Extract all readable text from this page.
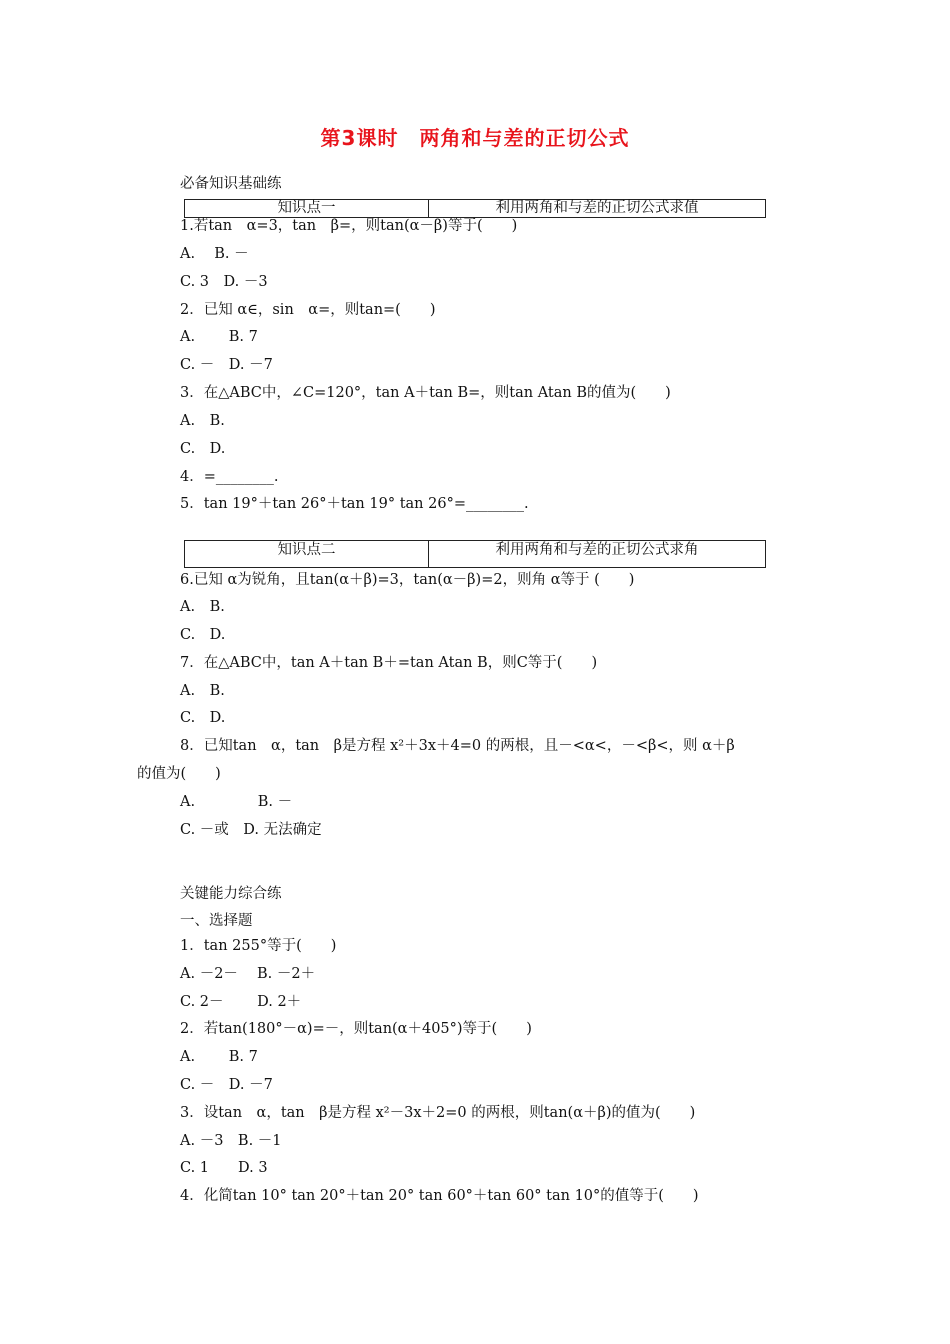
第3课时　两角和与差的正切公式
必备知识基础练
知识点一	利用两角和与差的正切公式求值
1.若tan　α=3，tan　β=，则tan(α－β)等于(　　)
A.　 B. －
C. 3　D. －3
2．已知 α∈，sin　α=，则tan=(　　)
A.　　 B. 7
C. －　D. －7
3．在△ABC中，∠C=120°，tan A＋tan B=，则tan Atan B的值为(　　)
A.　B.
C.　D.
4．=________.
5．tan 19°＋tan 26°＋tan 19° tan 26°=________.
知识点二	利用两角和与差的正切公式求角
6.已知 α为锐角，且tan(α＋β)=3，tan(α－β)=2，则角 α等于 (　　)
A.　B.
C.　D.
7．在△ABC中，tan A＋tan B＋=tan Atan B，则C等于(　　)
A.　B.
C.　D.
8．已知tan　α，tan　β是方程 x²＋3x＋4=0 的两根，且－<α<，－<β<，则 α＋β
的值为(　　)
A.　　　　 B. －
C. －或　D. 无法确定
关键能力综合练
一、选择题
1．tan 255°等于(　　)
A. －2－　 B. －2＋
C. 2－　　 D. 2＋
2．若tan(180°－α)=－，则tan(α＋405°)等于(　　)
A.　　 B. 7
C. －　D. －7
3．设tan　α，tan　β是方程 x²－3x＋2=0 的两根，则tan(α＋β)的值为(　　)
A. －3　B. －1
C. 1　　D. 3
4．化简tan 10° tan 20°＋tan 20° tan 60°＋tan 60° tan 10°的值等于(　　)
